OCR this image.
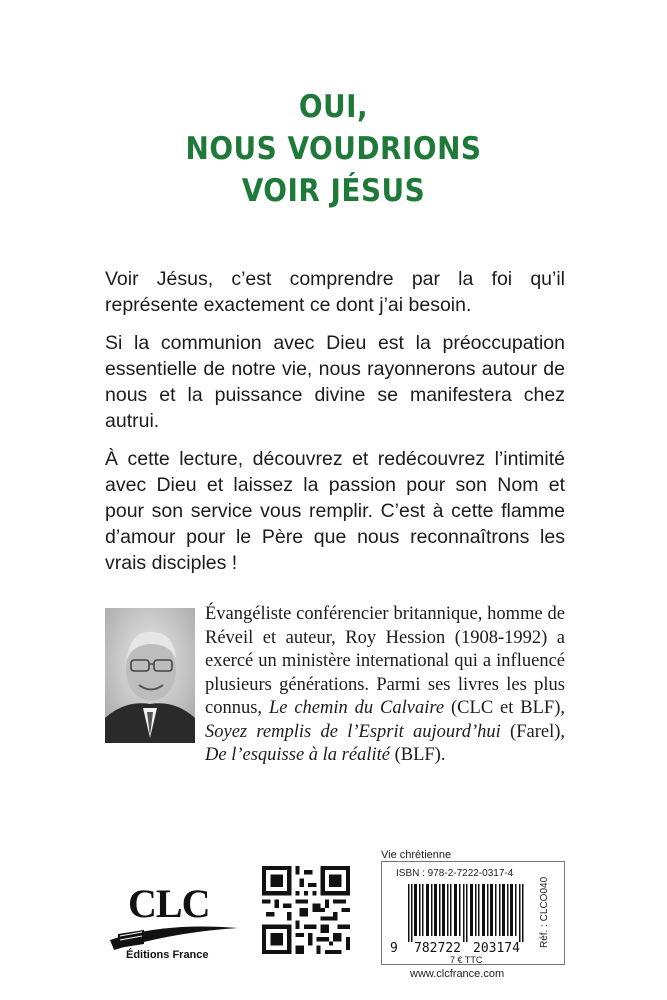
OUI,
NOUS VOUDRIONS
VOIR JÉSUS

Voir Jésus, c’est comprendre par la foi qu’il représente exactement ce dont j’ai besoin.

Si la communion avec Dieu est la préoccupation essentielle de notre vie, nous rayonnerons autour de nous et la puissance divine se manifestera chez autrui.

À cette lecture, découvrez et redécouvrez l’intimité avec Dieu et laissez la passion pour son Nom et pour son service vous remplir. C’est à cette flamme d’amour pour le Père que nous reconnaîtrons les vrais disciples !

Évangéliste conférencier britannique, homme de Réveil et auteur, Roy Hession (1908-1992) a exercé un ministère international qui a influencé plusieurs générations. Parmi ses livres les plus connus, Le chemin du Calvaire (CLC et BLF), Soyez remplis de l’Esprit aujourd’hui (Farel), De l’esquisse à la réalité (BLF).
CLC
Éditions France
Vie chrétienne
ISBN : 978-2-7222-0317-4
9 782722 203174
7 € TTC
Réf. : CLCO040
www.clcfrance.com
